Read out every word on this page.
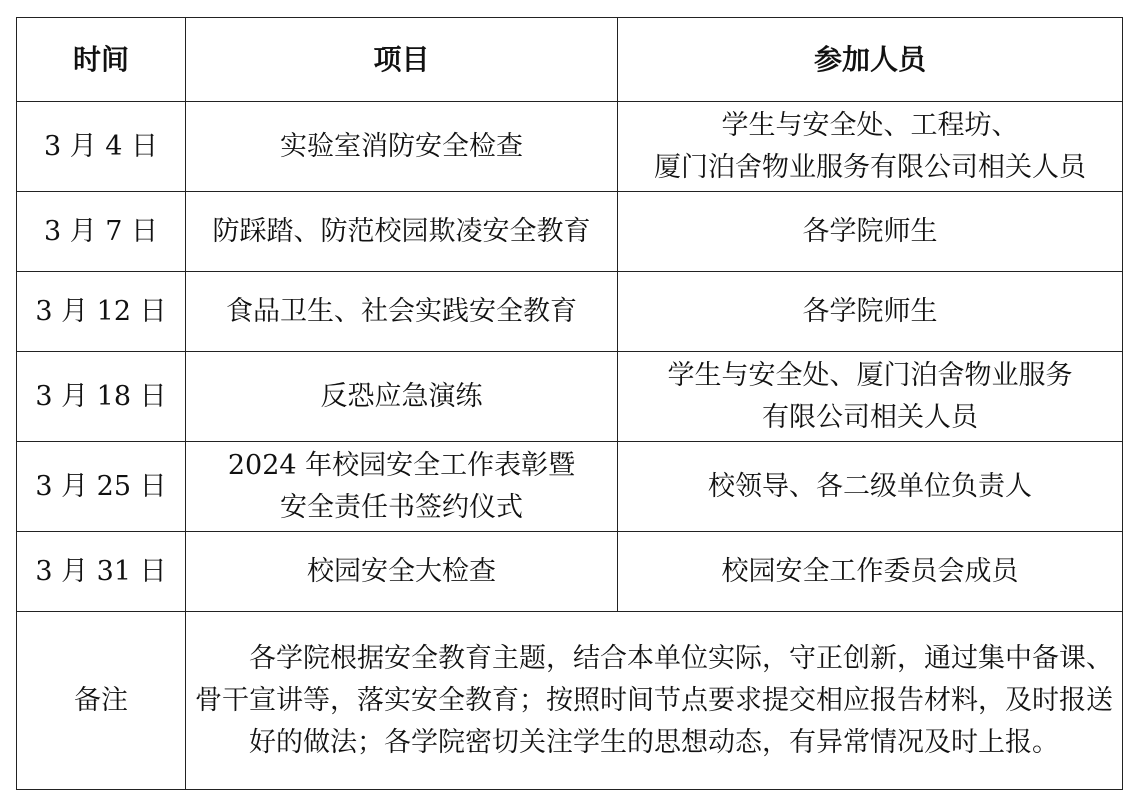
时间	项目	参加人员
3 月 4 日	实验室消防安全检查	学生与安全处、工程坊、
厦门泊舍物业服务有限公司相关人员

3 月 7 日	防踩踏、防范校园欺凌安全教育	各学院师生

3 月 12 日	食品卫生、社会实践安全教育	各学院师生

3 月 18 日	反恐应急演练	学生与安全处、厦门泊舍物业服务
有限公司相关人员

3 月 25 日	2024 年校园安全工作表彰暨
安全责任书签约仪式	校领导、各二级单位负责人

3 月 31 日	校园安全大检查	校园安全工作委员会成员

备注	各学院根据安全教育主题，结合本单位实际，守正创新，通过集中备课、骨干宣讲等，落实安全教育；按照时间节点要求提交相应报告材料，及时报送好的做法；各学院密切关注学生的思想动态，有异常情况及时上报。	
